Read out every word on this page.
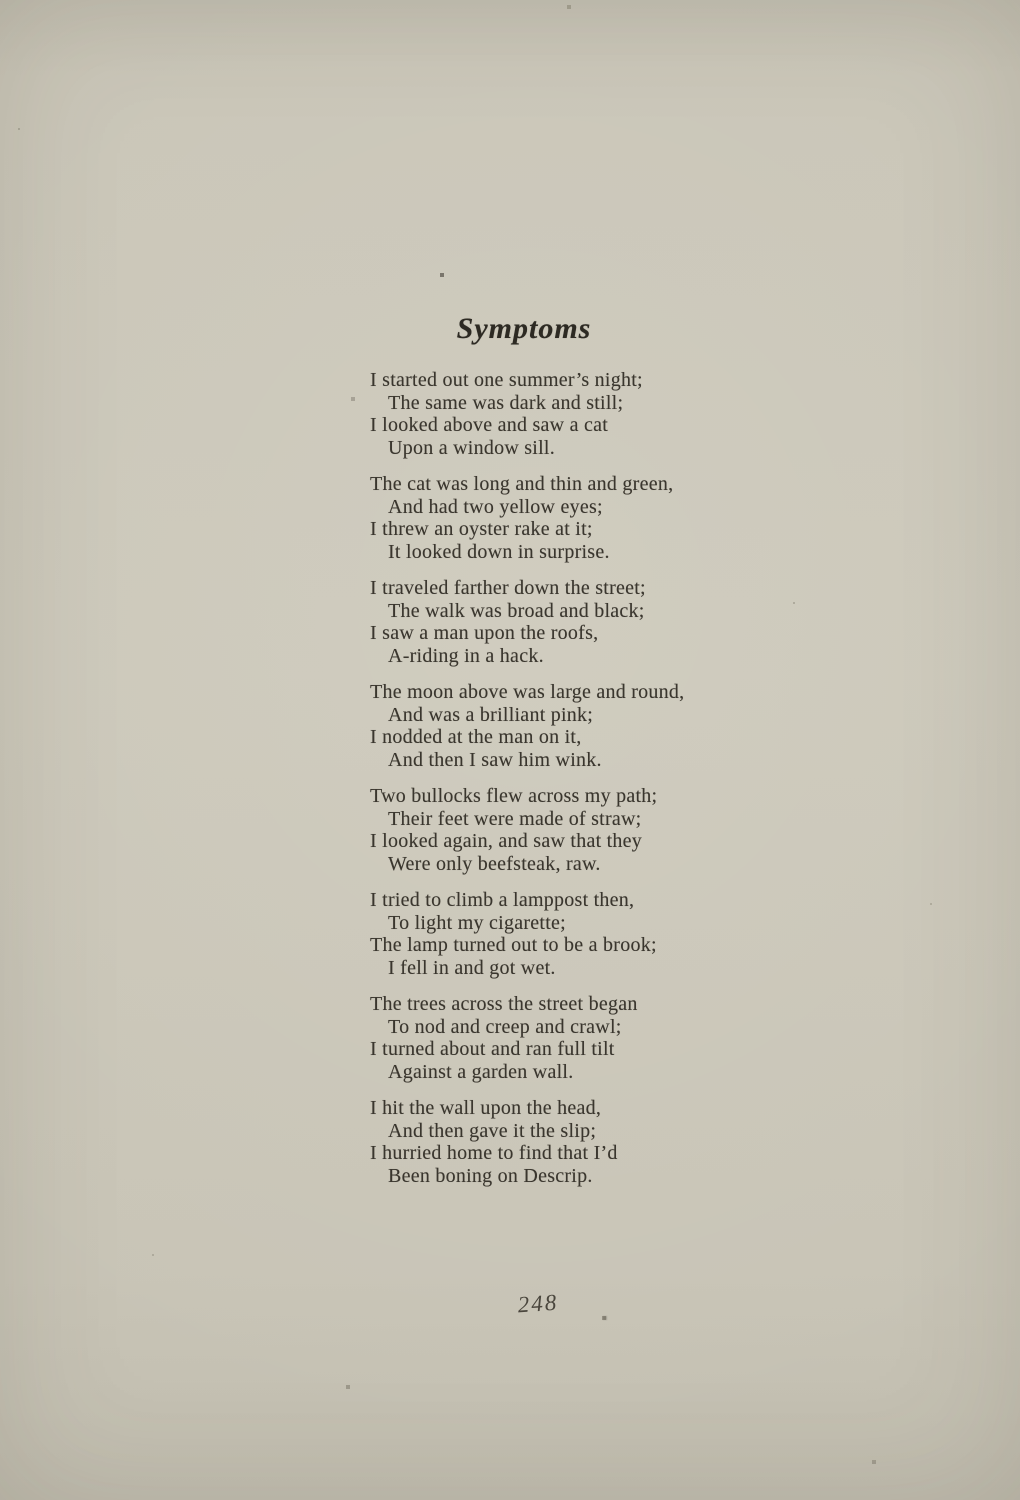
Symptoms
I started out one summer’s night;
The same was dark and still;
I looked above and saw a cat
Upon a window sill.
The cat was long and thin and green,
And had two yellow eyes;
I threw an oyster rake at it;
It looked down in surprise.
I traveled farther down the street;
The walk was broad and black;
I saw a man upon the roofs,
A-riding in a hack.
The moon above was large and round,
And was a brilliant pink;
I nodded at the man on it,
And then I saw him wink.
Two bullocks flew across my path;
Their feet were made of straw;
I looked again, and saw that they
Were only beefsteak, raw.
I tried to climb a lamppost then,
To light my cigarette;
The lamp turned out to be a brook;
I fell in and got wet.
The trees across the street began
To nod and creep and crawl;
I turned about and ran full tilt
Against a garden wall.
I hit the wall upon the head,
And then gave it the slip;
I hurried home to find that I’d
Been boning on Descrip.
248
